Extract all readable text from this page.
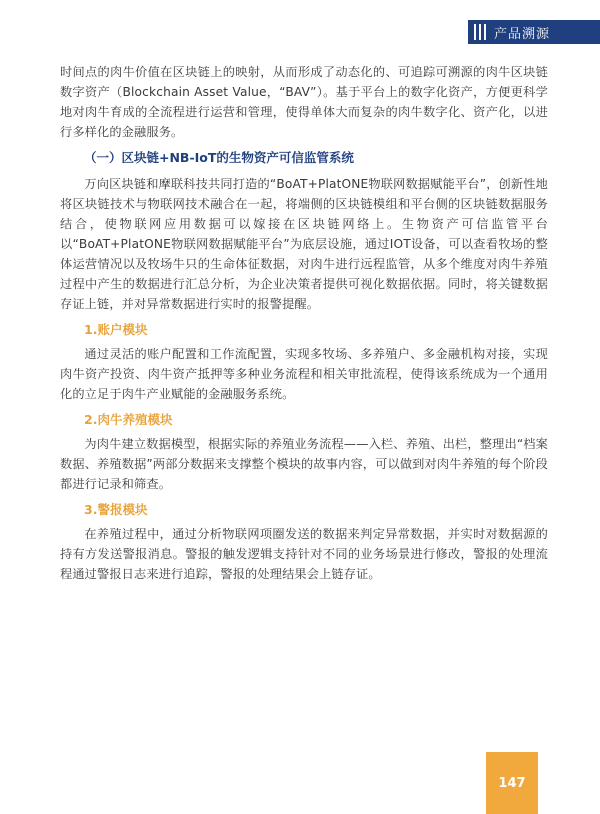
产品溯源

时间点的肉牛价值在区块链上的映射，从而形成了动态化的、可追踪可溯源的肉牛区块链数字资产（Blockchain Asset Value，“BAV”）。基于平台上的数字化资产，方便更科学地对肉牛育成的全流程进行运营和管理，使得单体大而复杂的肉牛数字化、资产化，以进行多样化的金融服务。

（一）区块链+NB-IoT的生物资产可信监管系统

万向区块链和摩联科技共同打造的“BoAT+PlatONE物联网数据赋能平台”，创新性地将区块链技术与物联网技术融合在一起，将端侧的区块链模组和平台侧的区块链数据服务结合，使物联网应用数据可以嫁接在区块链网络上。生物资产可信监管平台以“BoAT+PlatONE物联网数据赋能平台”为底层设施，通过IOT设备，可以查看牧场的整体运营情况以及牧场牛只的生命体征数据，对肉牛进行远程监管，从多个维度对肉牛养殖过程中产生的数据进行汇总分析，为企业决策者提供可视化数据依据。同时，将关键数据存证上链，并对异常数据进行实时的报警提醒。

1.账户模块

通过灵活的账户配置和工作流配置，实现多牧场、多养殖户、多金融机构对接，实现肉牛资产投资、肉牛资产抵押等多种业务流程和相关审批流程，使得该系统成为一个通用化的立足于肉牛产业赋能的金融服务系统。

2.肉牛养殖模块

为肉牛建立数据模型，根据实际的养殖业务流程——入栏、养殖、出栏，整理出“档案数据、养殖数据”两部分数据来支撑整个模块的故事内容，可以做到对肉牛养殖的每个阶段都进行记录和筛查。

3.警报模块

在养殖过程中，通过分析物联网项圈发送的数据来判定异常数据，并实时对数据源的持有方发送警报消息。警报的触发逻辑支持针对不同的业务场景进行修改，警报的处理流程通过警报日志来进行追踪，警报的处理结果会上链存证。

147
